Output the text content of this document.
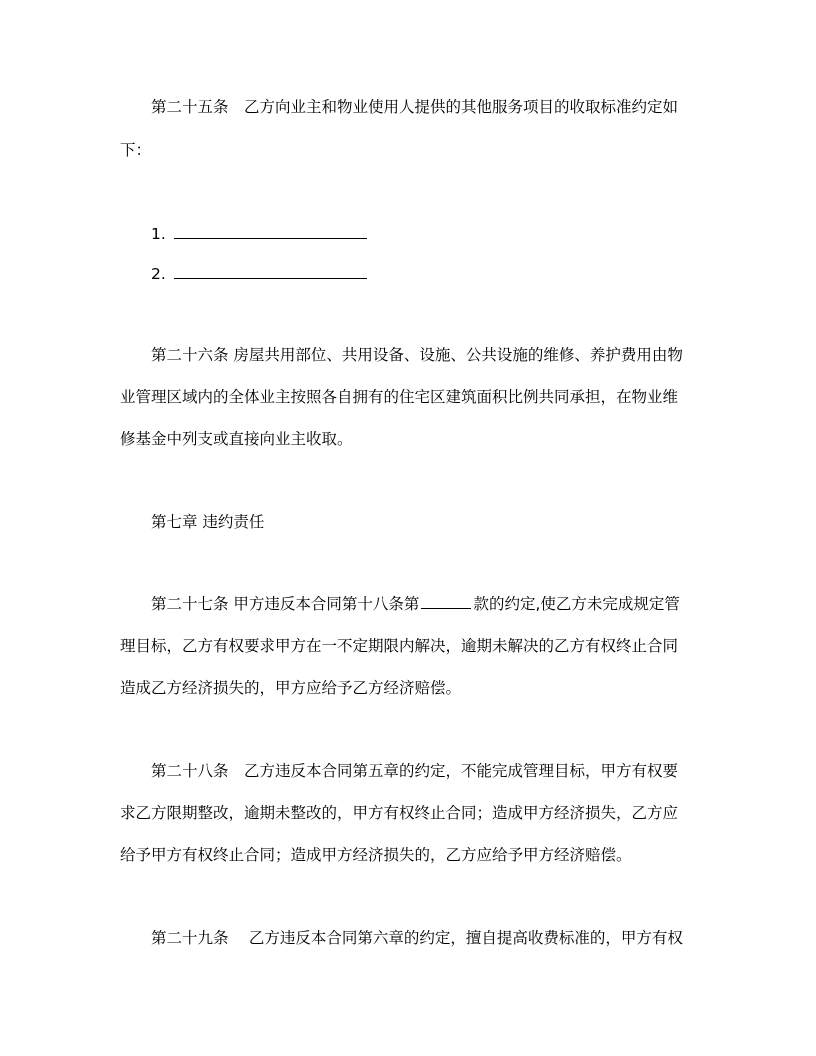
第二十五条　乙方向业主和物业使用人提供的其他服务项目的收取标准约定如
下：
1.
2.
第二十六条 房屋共用部位、共用设备、设施、公共设施的维修、养护费用由物
业管理区域内的全体业主按照各自拥有的住宅区建筑面积比例共同承担，在物业维
修基金中列支或直接向业主收取。
第七章 违约责任
第二十七条 甲方违反本合同第十八条第	款的约定,使乙方未完成规定管
理目标，乙方有权要求甲方在一不定期限内解决，逾期未解决的乙方有权终止合同
造成乙方经济损失的，甲方应给予乙方经济赔偿。
第二十八条　乙方违反本合同第五章的约定，不能完成管理目标，甲方有权要
求乙方限期整改，逾期未整改的，甲方有权终止合同；造成甲方经济损失，乙方应
给予甲方有权终止合同；造成甲方经济损失的，乙方应给予甲方经济赔偿。
第二十九条　 乙方违反本合同第六章的约定，擅自提高收费标准的，甲方有权
